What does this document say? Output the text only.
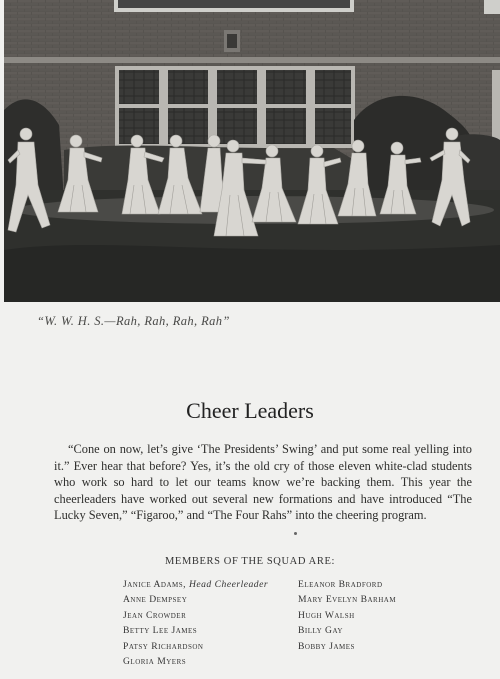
“W. W. H. S.—Rah, Rah, Rah, Rah”
Cheer Leaders

“Cone on now, let’s give ‘The Presidents’ Swing’ and put some real yelling into it.” Ever hear that before? Yes, it’s the old cry of those eleven white-clad students who work so hard to let our teams know we’re backing them. This year the cheerleaders have worked out several new formations and have introduced “The Lucky Seven,” “Figaroo,” and “The Four Rahs” into the cheering program.

MEMBERS OF THE SQUAD ARE:
Janice Adams, Head Cheerleader
Anne Dempsey
Jean Crowder
Betty Lee James
Patsy Richardson
Gloria Myers
Eleanor Bradford
Mary Evelyn Barham
Hugh Walsh
Billy Gay
Bobby James
